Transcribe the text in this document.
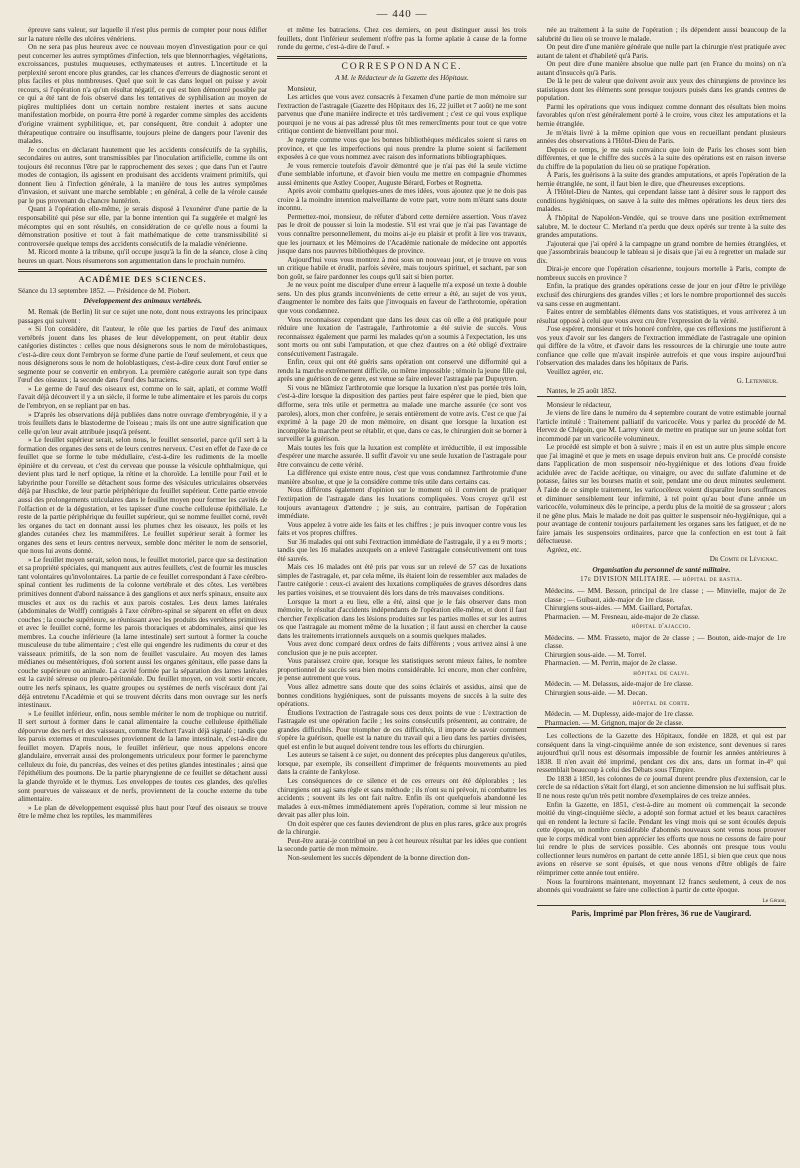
— 440 —

épreuve sans valeur, sur laquelle il n'est plus permis de compter pour nous édifier sur la nature réelle des ulcères vénériens.

On ne sera pas plus heureux avec ce nouveau moyen d'investigation pour ce qui peut concerner les autres symptômes d'infection, tels que blennorrhagies, végétations, excroissances, pustules muqueuses, ecthymateuses et autres. L'incertitude et la perplexité seront encore plus grandes, car les chances d'erreurs de diagnostic seront et plus faciles et plus nombreuses. Quel que soit le cas dans lequel on puisse y avoir recours, si l'opération n'a qu'un résultat négatif, ce qui est bien démontré possible par ce qui a été tant de fois observé dans les tentatives de syphilisation au moyen de piqûres multipliées dont un certain nombre restaient inertes et sans aucune manifestation morbide, on pourra être porté à regarder comme simples des accidents d'origine vraiment syphilitique, et, par conséquent, être conduit à adopter une thérapeutique contraire ou insuffisante, toujours pleine de dangers pour l'avenir des malades.

Je conclus en déclarant hautement que les accidents consécutifs de la syphilis, secondaires ou autres, sont transmissibles par l'inoculation artificielle, comme ils ont toujours été reconnus l'être par le rapprochement des sexes ; que dans l'un et l'autre modes de contagion, ils agissent en produisant des accidents vraiment primitifs, qui donnent lieu à l'infection générale, à la manière de tous les autres symptômes d'invasion, et suivant une marche semblable ; en général, à celle de la vérole causée par le pus provenant du chancre huntérien.

Quant à l'opération elle-même, je serais disposé à l'exonérer d'une partie de la responsabilité qui pèse sur elle, par la bonne intention qui l'a suggérée et malgré les mécomptes qui en sont résultés, en considération de ce qu'elle nous a fourni la démonstration positive et tout à fait mathématique de cette transmissibilité si controversée quelque temps des accidents consécutifs de la maladie vénérienne.

M. Ricord monte à la tribune, qu'il occupe jusqu'à la fin de la séance, close à cinq heures un quart. Nous résumerons son argumentation dans le prochain numéro.

ACADÉMIE DES SCIENCES.

Séance du 13 septembre 1852. — Présidence de M. Piobert.

Développement des animaux vertébrés.

M. Remak (de Berlin) lit sur ce sujet une note, dont nous extrayons les principaux passages qui suivent :

« Si l'on considère, dit l'auteur, le rôle que les parties de l'œuf des animaux vertébrés jouent dans les phases de leur développement, on peut établir deux catégories distinctes : celles que nous désignerons sous le nom de mérolobastiques, c'est-à-dire ceux dont l'embryon se forme d'une partie de l'œuf seulement, et ceux que nous désignerons sous le nom de holoblastiques, c'est-à-dire ceux dont l'œuf entier se segmente pour se convertir en embryon. La première catégorie aurait son type dans l'œuf des oiseaux ; la seconde dans l'œuf des batraciens.

» Le germe de l'œuf des oiseaux est, comme on le sait, aplati, et comme Wolff l'avait déjà découvert il y a un siècle, il forme le tube alimentaire et les parois du corps de l'embryon, en se repliant par en bas.

» D'après les observations déjà publiées dans notre ouvrage d'embryogénie, il y a trois feuillets dans le blastoderme de l'oiseau ; mais ils ont une autre signification que celle qu'on leur avait attribuée jusqu'à présent.

» Le feuillet supérieur serait, selon nous, le feuillet sensoriel, parce qu'il sert à la formation des organes des sens et de leurs centres nerveux. C'est en effet de l'axe de ce feuillet que se forme le tube médullaire, c'est-à-dire les rudiments de la moelle épinière et du cerveau, et c'est du cerveau que pousse la vésicule ophthalmique, qui devient plus tard le nerf optique, la rétine et la choroïde. La lentille pour l'œil et le labyrinthe pour l'oreille se détachent sous forme des vésicules utriculaires observées déjà par Huschke, de leur partie périphérique du feuillet supérieur. Cette partie envoie aussi des prolongements utriculaires dans le feuillet moyen pour former les cavités de l'olfaction et de la dégustation, et les tapisser d'une couche celluleuse épithéliale. Le reste de la partie périphérique du feuillet supérieur, qui se nomme feuillet corné, revêt les organes du tact en donnant aussi les plumes chez les oiseaux, les poils et les glandes cutanées chez les mammifères. Le feuillet supérieur serait à former les organes des sens et leurs centres nerveux, semble donc mériter le nom de sensoriel, que nous lui avons donné.

» Le feuillet moyen serait, selon nous, le feuillet motoriel, parce que sa destination et sa propriété spéciales, qui manquent aux autres feuillets, c'est de fournir les muscles tant volontaires qu'involontaires. La partie de ce feuillet correspondant à l'axe cérébro-spinal contient les rudiments de la colonne vertébrale et des côtes. Les vertèbres primitives donnent d'abord naissance à des ganglions et aux nerfs spinaux, ensuite aux muscles et aux os du rachis et aux parois costales. Les deux lames latérales (abdominales de Wolff) contiguës à l'axe cérébro-spinal se séparent en effet en deux couches ; la couche supérieure, se réunissant avec les produits des vertèbres primitives et avec le feuillet corné, forme les parois thoraciques et abdominales, ainsi que les membres. La couche inférieure (la lame intestinale) sert surtout à former la couche musculeuse du tube alimentaire ; c'est elle qui engendre les rudiments du cœur et des vaisseaux primitifs, de la son nom de feuillet vasculaire. Au moyen des lames médianes ou mésentériques, d'où sortent aussi les organes génitaux, elle passe dans la couche supérieure ou animale. La cavité formée par la séparation des lames latérales est la cavité séreuse ou pleuro-péritonéale. Du feuillet moyen, on voit sortir encore, outre les nerfs spinaux, les quatre groupes ou systèmes de nerfs viscéraux dont j'ai déjà entretenu l'Académie et qui se trouvent décrits dans mon ouvrage sur les nerfs intestinaux.

» Le feuillet inférieur, enfin, nous semble mériter le nom de trophique ou nutritif. Il sert surtout à former dans le canal alimentaire la couche celluleuse épithéliale dépourvue des nerfs et des vaisseaux, comme Reichert l'avait déjà signalé ; tandis que les parois externes et musculeuses proviennent de la lame intestinale, c'est-à-dire du feuillet moyen. D'après nous, le feuillet inférieur, que nous appelons encore glandulaire, enverrait aussi des prolongements utriculeux pour former le parenchyme celluleux du foie, du pancréas, des veines et des petites glandes intestinales ; ainsi que l'épithélium des poumons. De la partie pharyngienne de ce feuillet se détachent aussi la glande thyroïde et le thymus. Les enveloppes de toutes ces glandes, des qu'elles sont pourvues de vaisseaux et de nerfs, proviennent de la couche externe du tube alimentaire.

» Le plan de développement esquissé plus haut pour l'œuf des oiseaux se trouve être le même chez les reptiles, les mammifères

et même les batraciens. Chez ces derniers, on peut distinguer aussi les trois feuillets, dont l'inférieur seulement n'offre pas la forme aplatie à cause de la forme ronde du germe, c'est-à-dire de l'œuf. »

CORRESPONDANCE.
A M. le Rédacteur de la Gazette des Hôpitaux.

Monsieur,

Les articles que vous avez consacrés à l'examen d'une partie de mon mémoire sur l'extraction de l'astragale (Gazette des Hôpitaux des 16, 22 juillet et 7 août) ne me sont parvenus que d'une manière indirecte et très tardivement ; c'est ce qui vous explique pourquoi je ne vous ai pas adressé plus tôt mes remercîments pour tout ce que votre critique contient de bienveillant pour moi.

Je regrette comme vous que les bonnes bibliothèques médicales soient si rares en province, et que les imperfections qui nous prendre la plume soient si facilement exposées à ce que vous nommez avec raison des informations bibliographiques.

Je vous remercie toutefois d'avoir démontré que je n'ai pas été la seule victime d'une semblable infortune, et d'avoir bien voulu me mettre en compagnie d'hommes aussi éminents que Astley Cooper, Auguste Bérard, Forbes et Rognetta.

Après avoir combattu quelques-unes de mes idées, vous ajoutez que je ne dois pas croire à la moindre intention malveillante de votre part, votre nom m'étant sans doute inconnu.

Permettez-moi, monsieur, de réfuter d'abord cette dernière assertion. Vous n'avez pas le droit de pousser si loin la modestie. S'il est vrai que je n'ai pas l'avantage de vous connaître personnellement, du moins ai-je eu plaisir et profit à lire vos travaux, que les journaux et les Mémoires de l'Académie nationale de médecine ont apportés jusque dans nos pauvres bibliothèques de province.

Aujourd'hui vous vous montrez à moi sous un nouveau jour, et je trouve en vous un critique habile et érudit, parfois sévère, mais toujours spirituel, et sachant, par son bon goût, se faire pardonner les coups qu'il sait si bien porter.

Je ne veux point me disculper d'une erreur à laquelle m'a exposé un texte à double sens. Un des plus grands inconvénients de cette erreur a été, au sujet de vos yeux, d'augmenter le nombre des faits que j'invoquais en faveur de l'arthrotomie, opération que vous condamnez.

Vous reconnaissez cependant que dans les deux cas où elle a été pratiquée pour réduire une luxation de l'astragale, l'arthrotomie a été suivie de succès. Vous reconnaissez également que parmi les malades qu'on a soumis à l'expectation, les uns sont morts ou ont subi l'amputation, et que chez d'autres on a été obligé d'extraire consécutivement l'astragale.

Enfin, ceux qui ont été guéris sans opération ont conservé une difformité qui a rendu la marche extrêmement difficile, ou même impossible ; témoin la jeune fille qui, après une guérison de ce genre, est venue se faire enlever l'astragale par Dupuytren.

Si vous ne blâmiez l'arthrotomie que lorsque la luxation n'est pas portée très loin, c'est-à-dire lorsque la disposition des parties peut faire espérer que le pied, bien que difforme, sera très utile et permettra au malade une marche assurée (ce sont vos paroles), alors, mon cher confrère, je serais entièrement de votre avis. C'est ce que j'ai exprimé à la page 20 de mon mémoire, en disant que lorsque la luxation est incomplète la marche peut se rétablir, et que, dans ce cas, le chirurgien doit se borner à surveiller la guérison.

Mais toutes les fois que la luxation est complète et irréductible, il est impossible d'espérer une marche assurée. Il suffit d'avoir vu une seule luxation de l'astragale pour être convaincu de cette vérité.

La différence qui existe entre nous, c'est que vous condamnez l'arthrotomie d'une manière absolue, et que je la considère comme très utile dans certains cas.

Nous différons également d'opinion sur le moment où il convient de pratiquer l'extirpation de l'astragale dans les luxations compliquées. Vous croyez qu'il est toujours avantageux d'attendre ; je suis, au contraire, partisan de l'opération immédiate.

Vous appelez à votre aide les faits et les chiffres ; je puis invoquer contre vous les faits et vos propres chiffres.

Sur 36 malades qui ont subi l'extraction immédiate de l'astragale, il y a eu 9 morts ; tandis que les 16 malades auxquels on a enlevé l'astragale consécutivement ont tous été sauvés.

Mais ces 16 malades ont été pris par vous sur un relevé de 57 cas de luxations simples de l'astragale, et, par cela même, ils étaient loin de ressembler aux malades de l'autre catégorie : ceux-ci avaient des luxations compliquées de graves désordres dans les parties voisines, et se trouvaient dès lors dans de très mauvaises conditions.

Lorsque la mort a eu lieu, elle a été, ainsi que je le fais observer dans mon mémoire, le résultat d'accidents indépendants de l'opération elle-même, et dont il faut chercher l'explication dans les lésions produites sur les parties molles et sur les autres os que l'astragale au moment même de la luxation ; il faut aussi en chercher la cause dans les traitements irrationnels auxquels on a soumis quelques malades.

Vous avez donc comparé deux ordres de faits différents ; vous arrivez ainsi à une conclusion que je ne puis accepter.

Vous paraissez croire que, lorsque les statistiques seront mieux faites, le nombre proportionnel de succès sera bien moins considérable. Ici encore, mon cher confrère, je pense autrement que vous.

Vous allez admettre sans doute que des soins éclairés et assidus, ainsi que de bonnes conditions hygiéniques, sont de puissants moyens de succès à la suite des opérations.

Étudions l'extraction de l'astragale sous ces deux points de vue : L'extraction de l'astragale est une opération facile ; les soins consécutifs présentent, au contraire, de grandes difficultés. Pour triompher de ces difficultés, il importe de savoir comment s'opère la guérison, quelle est la nature du travail qui a lieu dans les parties divisées, quel est enfin le but auquel doivent tendre tous les efforts du chirurgien.

Les auteurs se taisent à ce sujet, ou donnent des préceptes plus dangereux qu'utiles, lorsque, par exemple, ils conseillent d'imprimer de fréquents mouvements au pied dans la crainte de l'ankylose.

Les conséquences de ce silence et de ces erreurs ont été déplorables ; les chirurgiens ont agi sans règle et sans méthode ; ils n'ont su ni prévoir, ni combattre les accidents ; souvent ils les ont fait naître. Enfin ils ont quelquefois abandonné les malades à eux-mêmes immédiatement après l'opération, comme si leur mission ne devait pas aller plus loin.

On doit espérer que ces fautes deviendront de plus en plus rares, grâce aux progrès de la chirurgie.

Peut-être aurai-je contribué un peu à cet heureux résultat par les idées que contient la seconde partie de mon mémoire.

Non-seulement les succès dépendent de la bonne direction don-

née au traitement à la suite de l'opération ; ils dépendent aussi beaucoup de la salubrité du lieu où se trouve le malade.

On peut dire d'une manière générale que nulle part la chirurgie n'est pratiquée avec autant de talent et d'habileté qu'à Paris.

On peut dire d'une manière absolue que nulle part (en France du moins) on n'a autant d'insuccès qu'à Paris.

De là le peu de valeur que doivent avoir aux yeux des chirurgiens de province les statistiques dont les éléments sont presque toujours puisés dans les grands centres de population.

Parmi les opérations que vous indiquez comme donnant des résultats bien moins favorables qu'on n'est généralement porté à le croire, vous citez les amputations et la hernie étranglée.

Je m'étais livré à la même opinion que vous en recueillant pendant plusieurs années des observations à l'Hôtel-Dieu de Paris.

Depuis ce temps, je me suis convaincu que loin de Paris les choses sont bien différentes, et que le chiffre des succès à la suite des opérations est en raison inverse du chiffre de la population du lieu où se pratique l'opération.

À Paris, les guérisons à la suite des grandes amputations, et après l'opération de la hernie étranglée, ne sont, il faut bien le dire, que d'heureuses exceptions.

À l'Hôtel-Dieu de Nantes, qui cependant laisse tant à désirer sous le rapport des conditions hygiéniques, on sauve à la suite des mêmes opérations les deux tiers des malades.

À l'hôpital de Napoléon-Vendée, qui se trouve dans une position extrêmement salubre, M. le docteur C. Merland n'a perdu que deux opérés sur trente à la suite des grandes amputations.

J'ajouterai que j'ai opéré à la campagne un grand nombre de hernies étranglées, et que j'assombrirais beaucoup le tableau si je disais que j'ai eu à regretter un malade sur dix.

Dirai-je encore que l'opération césarienne, toujours mortelle à Paris, compte de nombreux succès en province ?

Enfin, la pratique des grandes opérations cesse de jour en jour d'être le privilège exclusif des chirurgiens des grandes villes ; et lors le nombre proportionnel des succès va sans cesse en augmentant.

Faites entrer de semblables éléments dans vos statistiques, et vous arriverez à un résultat opposé à celui que vous avez cru être l'expression de la vérité.

J'ose espérer, monsieur et très honoré confrère, que ces réflexions me justifieront à vos yeux d'avoir sur les dangers de l'extraction immédiate de l'astragale une opinion qui diffère de la vôtre, et d'avoir dans les ressources de la chirurgie une toute autre confiance que celle que m'avait inspirée autrefois et que vous inspire aujourd'hui l'observation des malades dans les hôpitaux de Paris.

Veuillez agréer, etc.

G. Letenneur.

Nantes, le 25 août 1852.

Monsieur le rédacteur,

Je viens de lire dans le numéro du 4 septembre courant de votre estimable journal l'article intitulé : Traitement palliatif du varicocèle. Vous y parlez du procédé de M. Hervez de Chégoin, que M. Larrey vient de mettre en pratique sur un jeune soldat fort incommodé par un varicocèle volumineux.

Le procédé est simple et bon à suivre ; mais il en est un autre plus simple encore que j'ai imaginé et que je mets en usage depuis environ huit ans. Ce procédé consiste dans l'application de mon suspensoir néo-hygiénique et des lotions d'eau froide acidulée avec de l'acide acétique, ou vinaigre, ou avec du sulfate d'alumine et de potasse, faites sur les bourses matin et soir, pendant une ou deux minutes seulement. À l'aide de ce simple traitement, les varicocèleux voient disparaître leurs souffrances et diminuer sensiblement leur infirmité, à tel point qu'au bout d'une année un varicocèle, volumineux dès le principe, a perdu plus de la moitié de sa grosseur ; alors il ne gêne plus. Mais le malade ne doit pas quitter le suspensoir néo-hygiénique, qui a pour avantage de contenir toujours parfaitement les organes sans les fatiguer, et de ne faire jamais les suspensoirs ordinaires, parce que la confection en est tout à fait défectueuse.

Agréez, etc.

Dr Comte de Lévignac.
Organisation du personnel de santé militaire.
17e DIVISION MILITAIRE. — hôpital de bastia.

Médecins. — MM. Besson, principal de 1re classe ; — Minvielle, major de 2e classe ; — Guibaut, aide-major de 1re classe.

Chirurgiens sous-aides. — MM. Gaillard, Portafax.

Pharmacien. — M. Fresneau, aide-major de 2e classe.

hôpital d'ajaccio.

Médecins. — MM. Frasseto, major de 2e classe ; — Bouton, aide-major de 1re classe.

Chirurgien sous-aide. — M. Torrel.

Pharmacien. — M. Perrin, major de 2e classe.

hôpital de calvi.

Médecin. — M. Delassus, aide-major de 1re classe.

Chirurgien sous-aide. — M. Decan.

hôpital de corte.

Médecin. — M. Duplessy, aide-major de 1re classe.

Pharmacien. — M. Grignon, major de 2e classe.

Les collections de la Gazette des Hôpitaux, fondée en 1828, et qui est par conséquent dans la vingt-cinquième année de son existence, sont devenues si rares aujourd'hui qu'il nous est désormais impossible de fournir les années antérieures à 1838. Il n'en avait été imprimé, pendant ces dix ans, dans un format in-4° qui ressemblait beaucoup à celui des Débats sous l'Empire.

De 1838 à 1850, les colonnes de ce journal durent prendre plus d'extension, car le cercle de sa rédaction s'était fort élargi, et son ancienne dimension ne lui suffisait plus. Il ne nous reste qu'un très petit nombre d'exemplaires de ces treize années.

Enfin la Gazette, en 1851, c'est-à-dire au moment où commençait la seconde moitié du vingt-cinquième siècle, a adopté son format actuel et les beaux caractères qui en rendent la lecture si facile. Pendant les vingt mois qui se sont écoulés depuis cette époque, un nombre considérable d'abonnés nouveaux sont venus nous prouver que le corps médical vont bien apprécier les efforts que nous ne cessons de faire pour lui rendre le plus de services possible. Ces abonnés ont presque tous voulu collectionner leurs numéros en partant de cette année 1851, si bien que ceux que nous avions en réserve se sont épuisés, et que nous venons d'être obligés de faire réimprimer cette année tout entière.

Nous la fournirons maintenant, moyennant 12 francs seulement, à ceux de nos abonnés qui voudraient se faire une collection à partir de cette époque.

Le Gérant,
Paris, Imprimé par Plon frères, 36 rue de Vaugirard.
